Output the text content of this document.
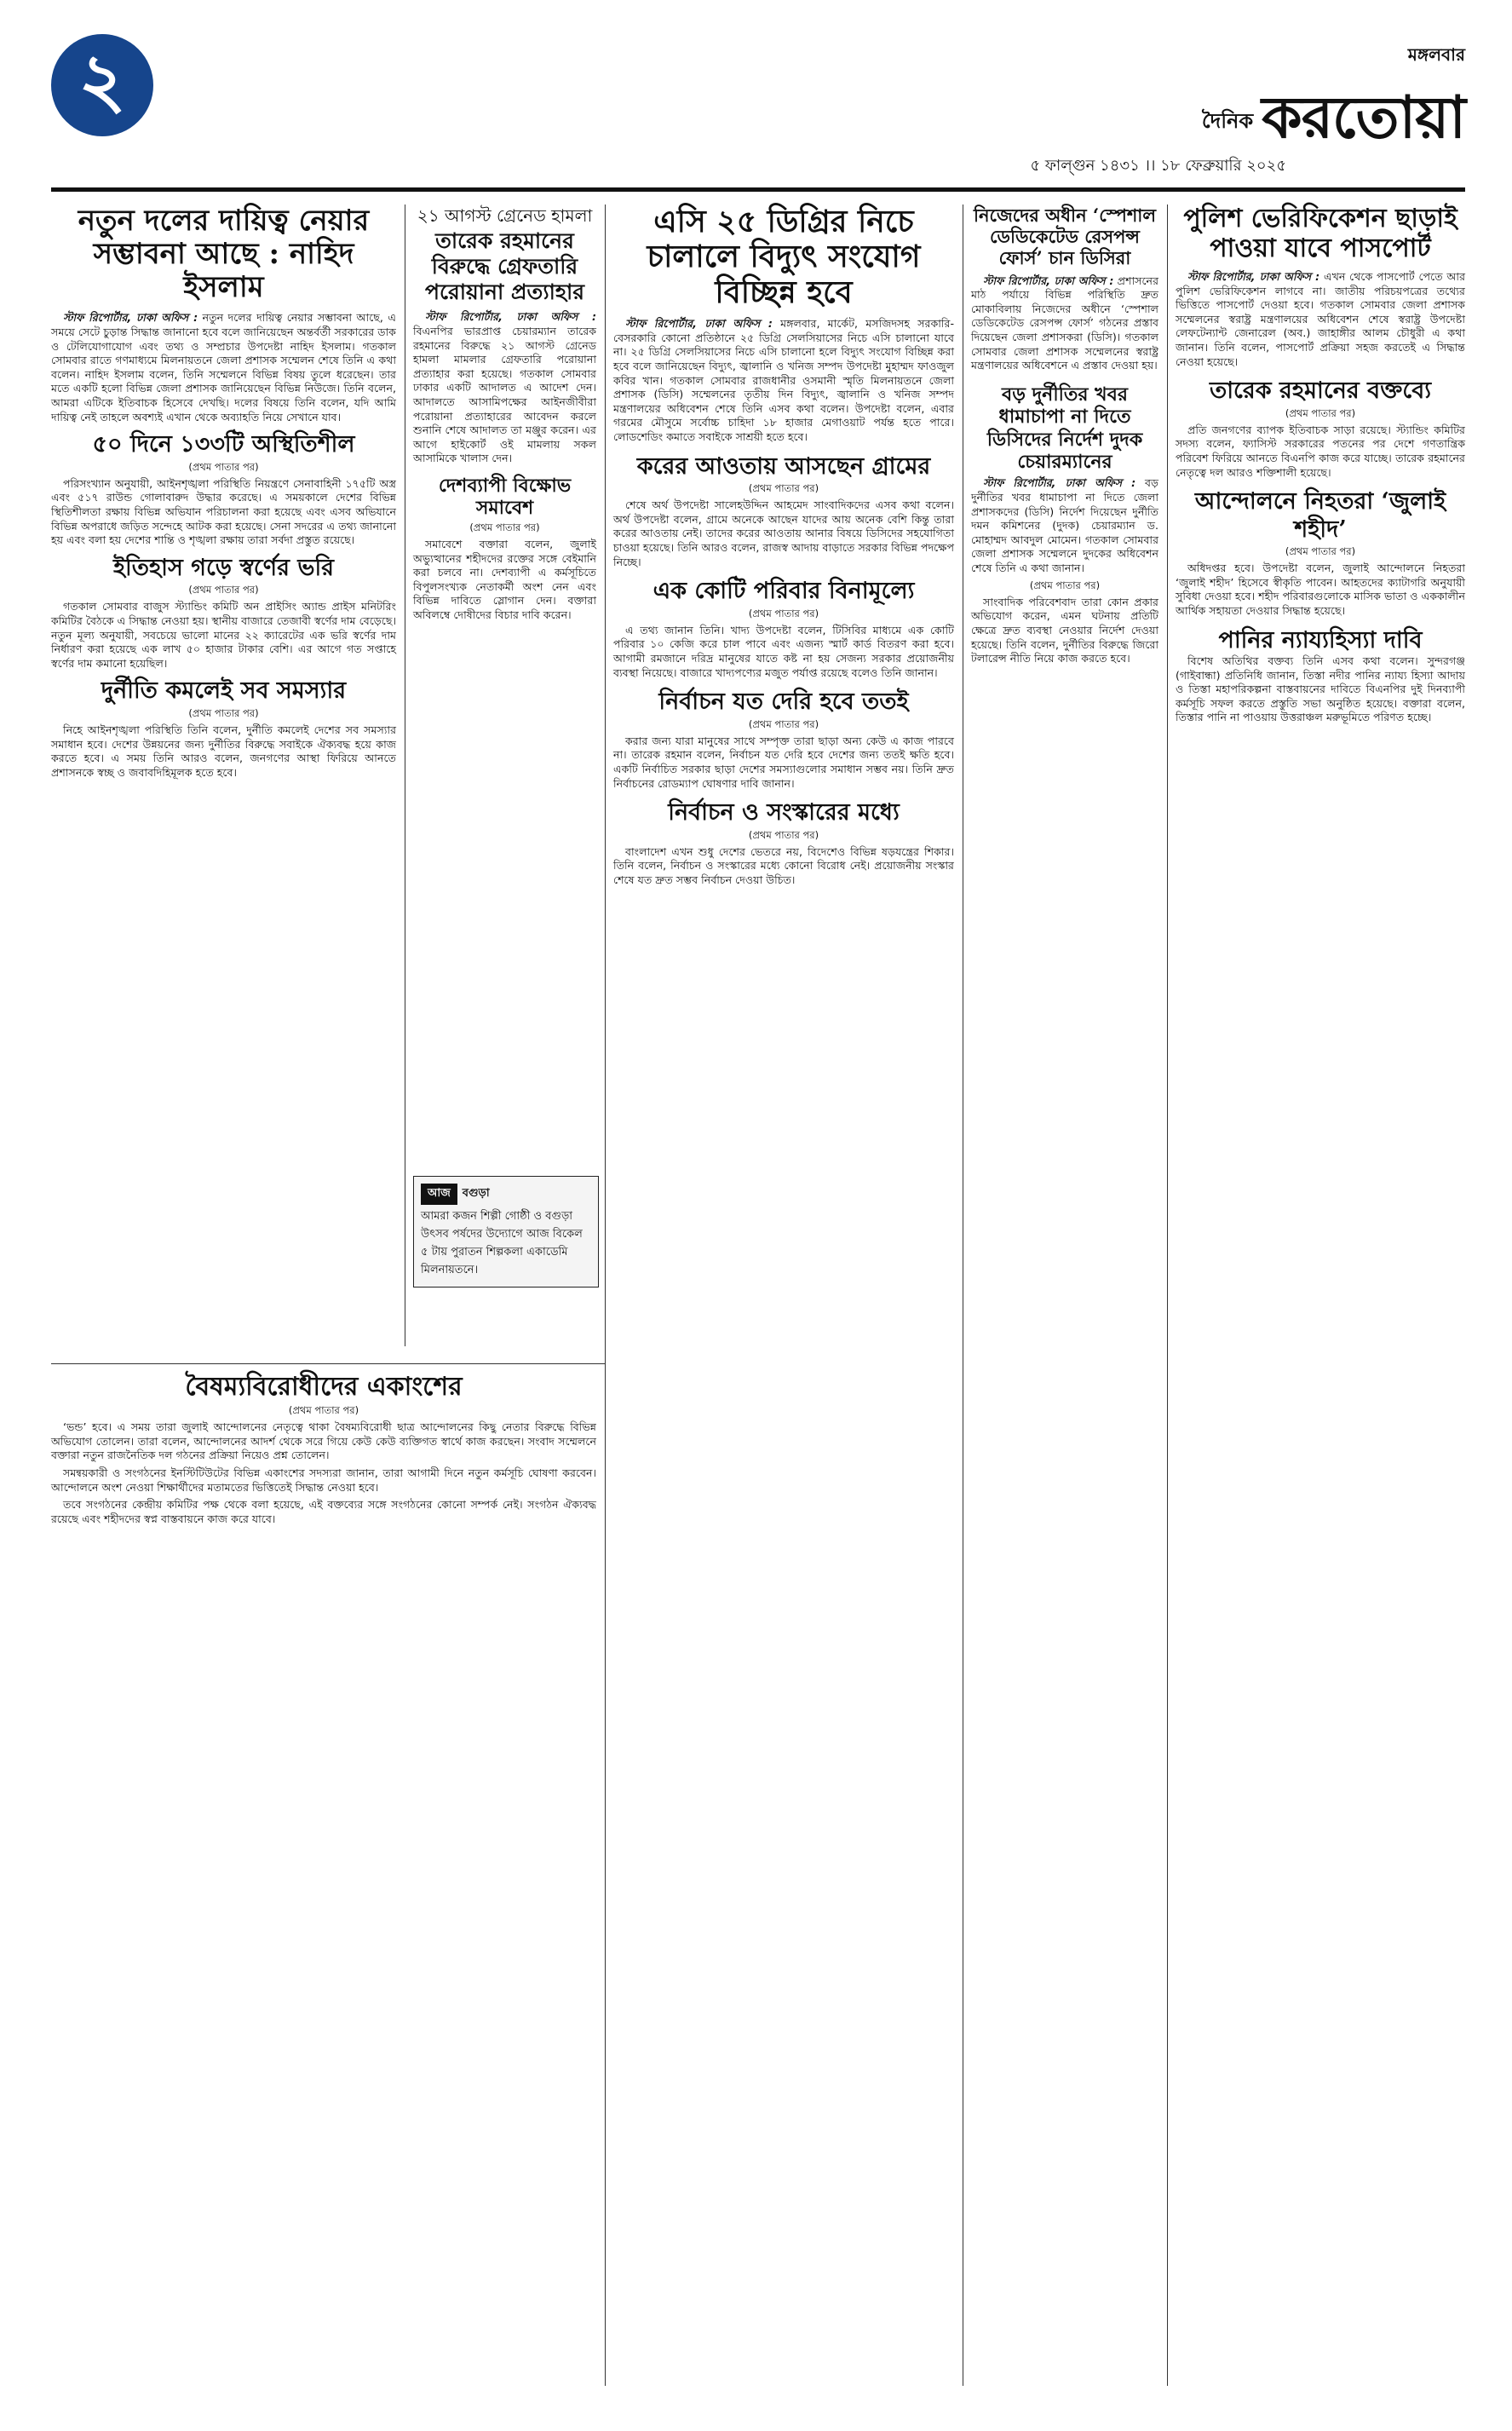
২	মঙ্গলবার
দৈনিক করতোয়া
৫ ফাল্গুন ১৪৩১ ।। ১৮ ফেব্রুয়ারি ২০২৫
নতুন দলের দায়িত্ব নেয়ার সম্ভাবনা আছে : নাহিদ ইসলাম

স্টাফ রিপোর্টার, ঢাকা অফিস : নতুন দলের দায়িত্ব নেয়ার সম্ভাবনা আছে, এ সময়ে সেটে চুড়ান্ত সিদ্ধান্ত জানানো হবে বলে জানিয়েছেন অন্তর্বর্তী সরকারের ডাক ও টেলিযোগাযোগ এবং তথ্য ও সম্প্রচার উপদেষ্টা নাহিদ ইসলাম। গতকাল সোমবার রাতে গণমাধ্যমে মিলনায়তনে জেলা প্রশাসক সম্মেলন শেষে তিনি এ কথা বলেন। নাহিদ ইসলাম বলেন, তিনি সম্মেলনে বিভিন্ন বিষয় তুলে ধরেছেন। তার মতে একটি হলো বিভিন্ন জেলা প্রশাসক জানিয়েছেন বিভিন্ন নিউজে। তিনি বলেন, আমরা এটিকে ইতিবাচক হিসেবে দেখছি। দলের বিষয়ে তিনি বলেন, যদি আমি দায়িত্ব নেই তাহলে অবশ্যই এখান থেকে অব্যাহতি নিয়ে সেখানে যাব।

৫০ দিনে ১৩৩টি অস্থিতিশীল
(প্রথম পাতার পর)

পরিসংখ্যান অনুযায়ী, আইনশৃঙ্খলা পরিস্থিতি নিয়ন্ত্রণে সেনাবাহিনী ১৭৫টি অস্ত্র এবং ৫১৭ রাউন্ড গোলাবারুদ উদ্ধার করেছে। এ সময়কালে দেশের বিভিন্ন স্থিতিশীলতা রক্ষায় বিভিন্ন অভিযান পরিচালনা করা হয়েছে এবং এসব অভিযানে বিভিন্ন অপরাধে জড়িত সন্দেহে আটক করা হয়েছে। সেনা সদরের এ তথ্য জানানো হয় এবং বলা হয় দেশের শান্তি ও শৃঙ্খলা রক্ষায় তারা সর্বদা প্রস্তুত রয়েছে।

ইতিহাস গড়ে স্বর্ণের ভরি
(প্রথম পাতার পর)

গতকাল সোমবার বাজুস স্ট্যান্ডিং কমিটি অন প্রাইসিং অ্যান্ড প্রাইস মনিটরিং কমিটির বৈঠকে এ সিদ্ধান্ত নেওয়া হয়। স্থানীয় বাজারে তেজাবী স্বর্ণের দাম বেড়েছে। নতুন মূল্য অনুযায়ী, সবচেয়ে ভালো মানের ২২ ক্যারেটের এক ভরি স্বর্ণের দাম নির্ধারণ করা হয়েছে এক লাখ ৫০ হাজার টাকার বেশি। এর আগে গত সপ্তাহে স্বর্ণের দাম কমানো হয়েছিল।

দুর্নীতি কমলেই সব সমস্যার
(প্রথম পাতার পর)

নিহে আইনশৃঙ্খলা পরিস্থিতি তিনি বলেন, দুর্নীতি কমলেই দেশের সব সমস্যার সমাধান হবে। দেশের উন্নয়নের জন্য দুর্নীতির বিরুদ্ধে সবাইকে ঐক্যবদ্ধ হয়ে কাজ করতে হবে। এ সময় তিনি আরও বলেন, জনগণের আস্থা ফিরিয়ে আনতে প্রশাসনকে স্বচ্ছ ও জবাবদিহিমূলক হতে হবে।

২১ আগস্ট গ্রেনেড হামলা
তারেক রহমানের বিরুদ্ধে গ্রেফতারি পরোয়ানা প্রত্যাহার

স্টাফ রিপোর্টার, ঢাকা অফিস : বিএনপির ভারপ্রাপ্ত চেয়ারম্যান তারেক রহমানের বিরুদ্ধে ২১ আগস্ট গ্রেনেড হামলা মামলার গ্রেফতারি পরোয়ানা প্রত্যাহার করা হয়েছে। গতকাল সোমবার ঢাকার একটি আদালত এ আদেশ দেন। আদালতে আসামিপক্ষের আইনজীবীরা পরোয়ানা প্রত্যাহারের আবেদন করলে শুনানি শেষে আদালত তা মঞ্জুর করেন। এর আগে হাইকোর্ট ওই মামলায় সকল আসামিকে খালাস দেন।

দেশব্যাপী বিক্ষোভ সমাবেশ
(প্রথম পাতার পর)

সমাবেশে বক্তারা বলেন, জুলাই অভ্যুত্থানের শহীদদের রক্তের সঙ্গে বেইমানি করা চলবে না। দেশব্যাপী এ কর্মসূচিতে বিপুলসংখ্যক নেতাকর্মী অংশ নেন এবং বিভিন্ন দাবিতে স্লোগান দেন। বক্তারা অবিলম্বে দোষীদের বিচার দাবি করেন।

আজ বগুড়া
আমরা কজন শিল্পী গোষ্ঠী ও বগুড়া উৎসব পর্ষদের উদ্যোগে আজ বিকেল ৫ টায় পুরাতন শিল্পকলা একাডেমি মিলনায়তনে।
এসি ২৫ ডিগ্রির নিচে চালালে বিদ্যুৎ সংযোগ বিচ্ছিন্ন হবে

স্টাফ রিপোর্টার, ঢাকা অফিস : মঙ্গলবার, মার্কেট, মসজিদসহ সরকারি-বেসরকারি কোনো প্রতিষ্ঠানে ২৫ ডিগ্রি সেলসিয়াসের নিচে এসি চালানো যাবে না। ২৫ ডিগ্রি সেলসিয়াসের নিচে এসি চালানো হলে বিদ্যুৎ সংযোগ বিচ্ছিন্ন করা হবে বলে জানিয়েছেন বিদ্যুৎ, জ্বালানি ও খনিজ সম্পদ উপদেষ্টা মুহাম্মদ ফাওজুল কবির খান। গতকাল সোমবার রাজধানীর ওসমানী স্মৃতি মিলনায়তনে জেলা প্রশাসক (ডিসি) সম্মেলনের তৃতীয় দিন বিদ্যুৎ, জ্বালানি ও খনিজ সম্পদ মন্ত্রণালয়ের অধিবেশন শেষে তিনি এসব কথা বলেন। উপদেষ্টা বলেন, এবার গরমের মৌসুমে সর্বোচ্চ চাহিদা ১৮ হাজার মেগাওয়াট পর্যন্ত হতে পারে। লোডশেডিং কমাতে সবাইকে সাশ্রয়ী হতে হবে।

করের আওতায় আসছেন গ্রামের
(প্রথম পাতার পর)

শেষে অর্থ উপদেষ্টা সালেহউদ্দিন আহমেদ সাংবাদিকদের এসব কথা বলেন। অর্থ উপদেষ্টা বলেন, গ্রামে অনেকে আছেন যাদের আয় অনেক বেশি কিন্তু তারা করের আওতায় নেই। তাদের করের আওতায় আনার বিষয়ে ডিসিদের সহযোগিতা চাওয়া হয়েছে। তিনি আরও বলেন, রাজস্ব আদায় বাড়াতে সরকার বিভিন্ন পদক্ষেপ নিচ্ছে।

এক কোটি পরিবার বিনামূল্যে
(প্রথম পাতার পর)

এ তথ্য জানান তিনি। খাদ্য উপদেষ্টা বলেন, টিসিবির মাধ্যমে এক কোটি পরিবার ১০ কেজি করে চাল পাবে এবং এজন্য স্মার্ট কার্ড বিতরণ করা হবে। আগামী রমজানে দরিদ্র মানুষের যাতে কষ্ট না হয় সেজন্য সরকার প্রয়োজনীয় ব্যবস্থা নিয়েছে। বাজারে খাদ্যপণ্যের মজুত পর্যাপ্ত রয়েছে বলেও তিনি জানান।

নির্বাচন যত দেরি হবে ততই
(প্রথম পাতার পর)

করার জন্য যারা মানুষের সাথে সম্পৃক্ত তারা ছাড়া অন্য কেউ এ কাজ পারবে না। তারেক রহমান বলেন, নির্বাচন যত দেরি হবে দেশের জন্য ততই ক্ষতি হবে। একটি নির্বাচিত সরকার ছাড়া দেশের সমস্যাগুলোর সমাধান সম্ভব নয়। তিনি দ্রুত নির্বাচনের রোডম্যাপ ঘোষণার দাবি জানান।

নির্বাচন ও সংস্কারের মধ্যে
(প্রথম পাতার পর)

বাংলাদেশ এখন শুধু দেশের ভেতরে নয়, বিদেশেও বিভিন্ন ষড়যন্ত্রের শিকার। তিনি বলেন, নির্বাচন ও সংস্কারের মধ্যে কোনো বিরোধ নেই। প্রয়োজনীয় সংস্কার শেষে যত দ্রুত সম্ভব নির্বাচন দেওয়া উচিত।

নিজেদের অধীন ‘স্পেশাল ডেডিকেটেড রেসপন্স ফোর্স’ চান ডিসিরা

স্টাফ রিপোর্টার, ঢাকা অফিস : প্রশাসনের মাঠ পর্যায়ে বিভিন্ন পরিস্থিতি দ্রুত মোকাবিলায় নিজেদের অধীনে ‘স্পেশাল ডেডিকেটেড রেসপন্স ফোর্স’ গঠনের প্রস্তাব দিয়েছেন জেলা প্রশাসকরা (ডিসি)। গতকাল সোমবার জেলা প্রশাসক সম্মেলনের স্বরাষ্ট্র মন্ত্রণালয়ের অধিবেশনে এ প্রস্তাব দেওয়া হয়।

বড় দুর্নীতির খবর ধামাচাপা না দিতে ডিসিদের নির্দেশ দুদক চেয়ারম্যানের

স্টাফ রিপোর্টার, ঢাকা অফিস : বড় দুর্নীতির খবর ধামাচাপা না দিতে জেলা প্রশাসকদের (ডিসি) নির্দেশ দিয়েছেন দুর্নীতি দমন কমিশনের (দুদক) চেয়ারম্যান ড. মোহাম্মদ আবদুল মোমেন। গতকাল সোমবার জেলা প্রশাসক সম্মেলনে দুদকের অধিবেশন শেষে তিনি এ কথা জানান।

(প্রথম পাতার পর)

সাংবাদিক পরিবেশবাদ তারা কোন প্রকার অভিযোগ করেন, এমন ঘটনায় প্রতিটি ক্ষেত্রে দ্রুত ব্যবস্থা নেওয়ার নির্দেশ দেওয়া হয়েছে। তিনি বলেন, দুর্নীতির বিরুদ্ধে জিরো টলারেন্স নীতি নিয়ে কাজ করতে হবে।

পুলিশ ভেরিফিকেশন ছাড়াই পাওয়া যাবে পাসপোর্ট

স্টাফ রিপোর্টার, ঢাকা অফিস : এখন থেকে পাসপোর্ট পেতে আর পুলিশ ভেরিফিকেশন লাগবে না। জাতীয় পরিচয়পত্রের তথ্যের ভিত্তিতে পাসপোর্ট দেওয়া হবে। গতকাল সোমবার জেলা প্রশাসক সম্মেলনের স্বরাষ্ট্র মন্ত্রণালয়ের অধিবেশন শেষে স্বরাষ্ট্র উপদেষ্টা লেফটেন্যান্ট জেনারেল (অব.) জাহাঙ্গীর আলম চৌধুরী এ কথা জানান। তিনি বলেন, পাসপোর্ট প্রক্রিয়া সহজ করতেই এ সিদ্ধান্ত নেওয়া হয়েছে।

তারেক রহমানের বক্তব্যে
(প্রথম পাতার পর)

প্রতি জনগণের ব্যাপক ইতিবাচক সাড়া রয়েছে। স্ট্যান্ডিং কমিটির সদস্য বলেন, ফ্যাসিস্ট সরকারের পতনের পর দেশে গণতান্ত্রিক পরিবেশ ফিরিয়ে আনতে বিএনপি কাজ করে যাচ্ছে। তারেক রহমানের নেতৃত্বে দল আরও শক্তিশালী হয়েছে।

আন্দোলনে নিহতরা ‘জুলাই শহীদ’
(প্রথম পাতার পর)

অধিদপ্তর হবে। উপদেষ্টা বলেন, জুলাই আন্দোলনে নিহতরা ‘জুলাই শহীদ’ হিসেবে স্বীকৃতি পাবেন। আহতদের ক্যাটাগরি অনুযায়ী সুবিধা দেওয়া হবে। শহীদ পরিবারগুলোকে মাসিক ভাতা ও এককালীন আর্থিক সহায়তা দেওয়ার সিদ্ধান্ত হয়েছে।

পানির ন্যায্যহিস্যা দাবি

বিশেষ অতিথির বক্তব্য তিনি এসব কথা বলেন। সুন্দরগঞ্জ (গাইবান্ধা) প্রতিনিধি জানান, তিস্তা নদীর পানির ন্যায্য হিস্যা আদায় ও তিস্তা মহাপরিকল্পনা বাস্তবায়নের দাবিতে বিএনপির দুই দিনব্যাপী কর্মসূচি সফল করতে প্রস্তুতি সভা অনুষ্ঠিত হয়েছে। বক্তারা বলেন, তিস্তার পানি না পাওয়ায় উত্তরাঞ্চল মরুভূমিতে পরিণত হচ্ছে।

বৈষম্যবিরোধীদের একাংশের
(প্রথম পাতার পর)

‘ভন্ড’ হবে। এ সময় তারা জুলাই আন্দোলনের নেতৃত্বে থাকা বৈষম্যবিরোধী ছাত্র আন্দোলনের কিছু নেতার বিরুদ্ধে বিভিন্ন অভিযোগ তোলেন। তারা বলেন, আন্দোলনের আদর্শ থেকে সরে গিয়ে কেউ কেউ ব্যক্তিগত স্বার্থে কাজ করছেন। সংবাদ সম্মেলনে বক্তারা নতুন রাজনৈতিক দল গঠনের প্রক্রিয়া নিয়েও প্রশ্ন তোলেন।

সমন্বয়কারী ও সংগঠনের ইনস্টিটিউটের বিভিন্ন একাংশের সদস্যরা জানান, তারা আগামী দিনে নতুন কর্মসূচি ঘোষণা করবেন। আন্দোলনে অংশ নেওয়া শিক্ষার্থীদের মতামতের ভিত্তিতেই সিদ্ধান্ত নেওয়া হবে।

তবে সংগঠনের কেন্দ্রীয় কমিটির পক্ষ থেকে বলা হয়েছে, এই বক্তব্যের সঙ্গে সংগঠনের কোনো সম্পর্ক নেই। সংগঠন ঐক্যবদ্ধ রয়েছে এবং শহীদদের স্বপ্ন বাস্তবায়নে কাজ করে যাবে।
